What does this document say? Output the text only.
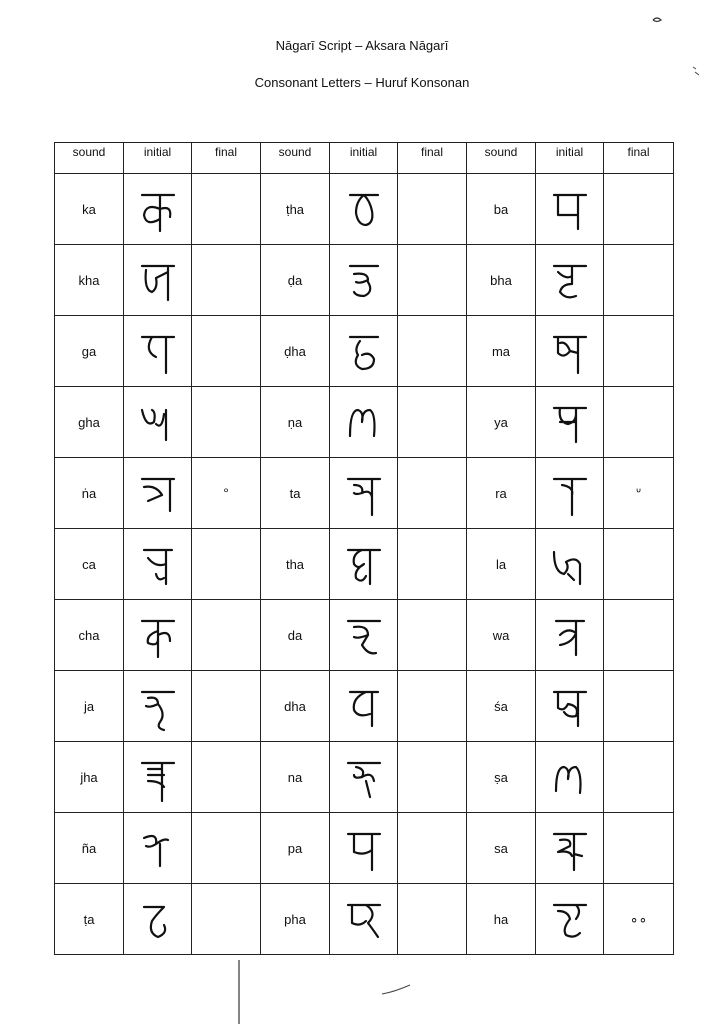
Nāgarī Script – Aksara Nāgarī
Consonant Letters – Huruf Konsonan
sound	initial	final	sound	initial	final	sound	initial	final
ka			ṭha			ba	

kha			ḍa			bha	

ga			ḍha			ma	

gha			ṇa			ya	

ṅa		°	ta			ra		ᐡ
ca			tha			la	

cha			da			wa	

ja			dha			śa	

jha			na			ṣa	

ña			pa			sa	

ṭa			pha			ha		∘∘
